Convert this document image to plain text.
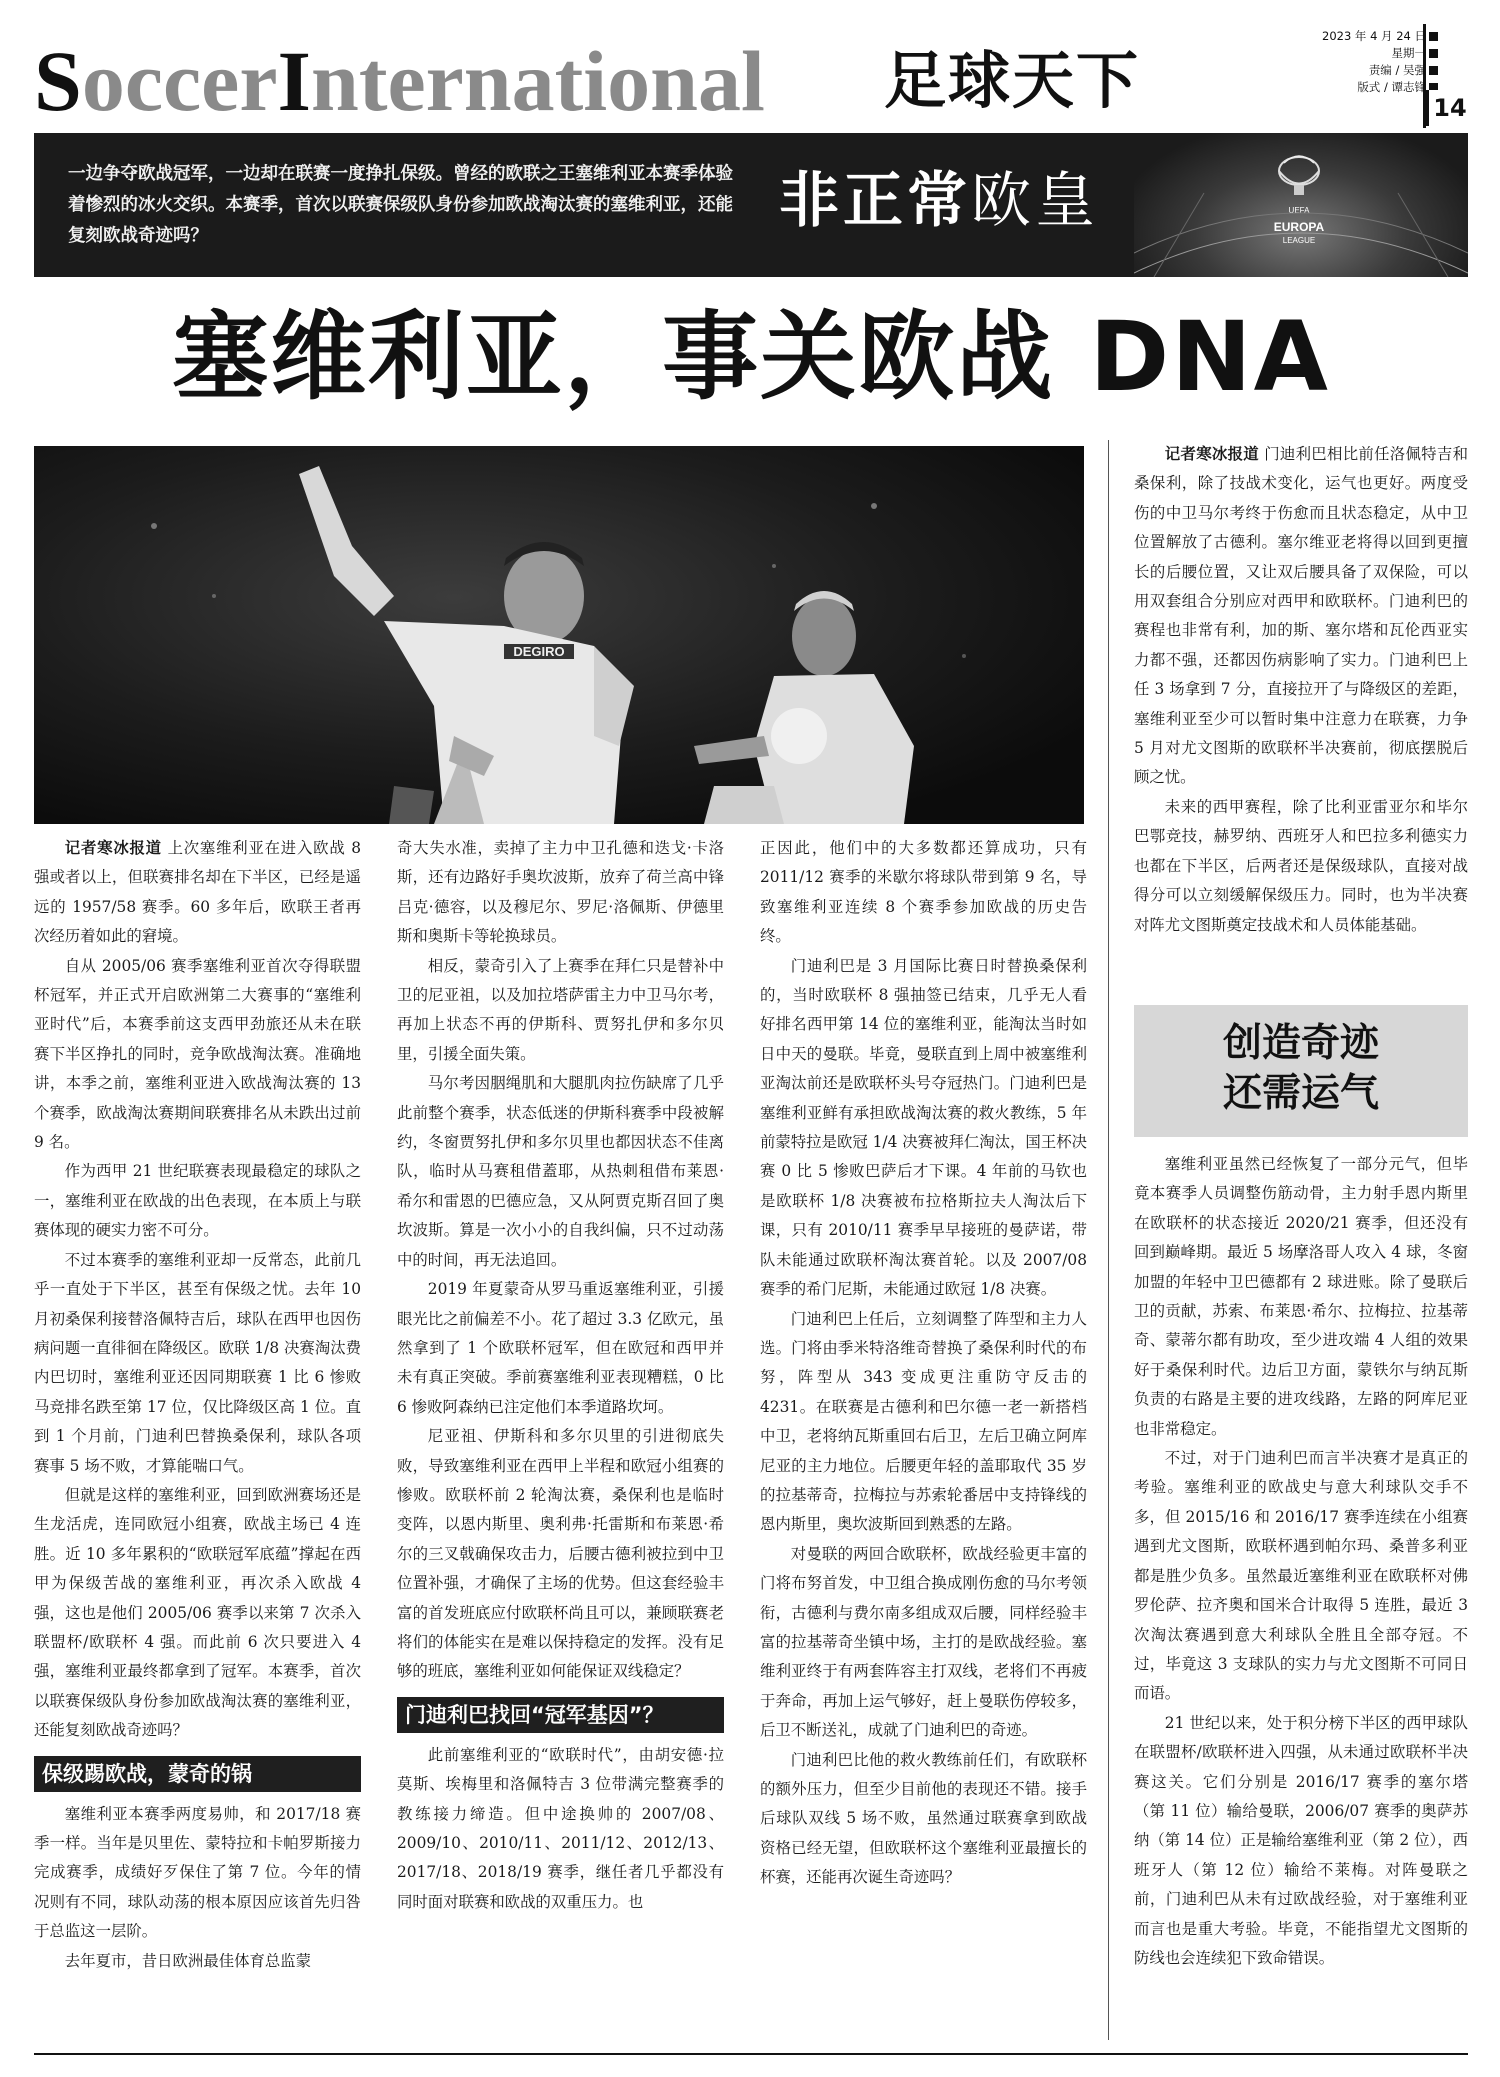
SoccerInternational 足球天下
2023 年 4 月 24 日
星期一
责编 / 吴强
版式 / 谭志锋
14
一边争夺欧战冠军，一边却在联赛一度挣扎保级。曾经的欧联之王塞维利亚本赛季体验着惨烈的冰火交织。本赛季，首次以联赛保级队身份参加欧战淘汰赛的塞维利亚，还能复刻欧战奇迹吗？	非正常欧皇	UEFA
EUROPA
LEAGUE
塞维利亚，事关欧战 DNA
DEGIRO

记者寒冰报道 上次塞维利亚在进入欧战 8 强或者以上，但联赛排名却在下半区，已经是遥远的 1957/58 赛季。60 多年后，欧联王者再次经历着如此的窘境。

自从 2005/06 赛季塞维利亚首次夺得联盟杯冠军，并正式开启欧洲第二大赛事的“塞维利亚时代”后，本赛季前这支西甲劲旅还从未在联赛下半区挣扎的同时，竞争欧战淘汰赛。准确地讲，本季之前，塞维利亚进入欧战淘汰赛的 13 个赛季，欧战淘汰赛期间联赛排名从未跌出过前 9 名。

作为西甲 21 世纪联赛表现最稳定的球队之一，塞维利亚在欧战的出色表现，在本质上与联赛体现的硬实力密不可分。

不过本赛季的塞维利亚却一反常态，此前几乎一直处于下半区，甚至有保级之忧。去年 10 月初桑保利接替洛佩特吉后，球队在西甲也因伤病问题一直徘徊在降级区。欧联 1/8 决赛淘汰费内巴切时，塞维利亚还因同期联赛 1 比 6 惨败马竞排名跌至第 17 位，仅比降级区高 1 位。直到 1 个月前，门迪利巴替换桑保利，球队各项赛事 5 场不败，才算能喘口气。

但就是这样的塞维利亚，回到欧洲赛场还是生龙活虎，连同欧冠小组赛，欧战主场已 4 连胜。近 10 多年累积的“欧联冠军底蕴”撑起在西甲为保级苦战的塞维利亚，再次杀入欧战 4 强，这也是他们 2005/06 赛季以来第 7 次杀入联盟杯/欧联杯 4 强。而此前 6 次只要进入 4 强，塞维利亚最终都拿到了冠军。本赛季，首次以联赛保级队身份参加欧战淘汰赛的塞维利亚，还能复刻欧战奇迹吗？

保级踢欧战，蒙奇的锅

塞维利亚本赛季两度易帅，和 2017/18 赛季一样。当年是贝里佐、蒙特拉和卡帕罗斯接力完成赛季，成绩好歹保住了第 7 位。今年的情况则有不同，球队动荡的根本原因应该首先归咎于总监这一层阶。

去年夏市，昔日欧洲最佳体育总监蒙

奇大失水准，卖掉了主力中卫孔德和迭戈·卡洛斯，还有边路好手奥坎波斯，放弃了荷兰高中锋吕克·德容，以及穆尼尔、罗尼·洛佩斯、伊德里斯和奥斯卡等轮换球员。

相反，蒙奇引入了上赛季在拜仁只是替补中卫的尼亚祖，以及加拉塔萨雷主力中卫马尔考，再加上状态不再的伊斯科、贾努扎伊和多尔贝里，引援全面失策。

马尔考因胭绳肌和大腿肌肉拉伤缺席了几乎此前整个赛季，状态低迷的伊斯科赛季中段被解约，冬窗贾努扎伊和多尔贝里也都因状态不佳离队，临时从马赛租借蓋耶，从热刺租借布莱恩·希尔和雷恩的巴德应急，又从阿贾克斯召回了奥坎波斯。算是一次小小的自我纠偏，只不过动荡中的时间，再无法追回。

2019 年夏蒙奇从罗马重返塞维利亚，引援眼光比之前偏差不小。花了超过 3.3 亿欧元，虽然拿到了 1 个欧联杯冠军，但在欧冠和西甲并未有真正突破。季前赛塞维利亚表现糟糕，0 比 6 惨败阿森纳已注定他们本季道路坎坷。

尼亚祖、伊斯科和多尔贝里的引进彻底失败，导致塞维利亚在西甲上半程和欧冠小组赛的惨败。欧联杯前 2 轮淘汰赛，桑保利也是临时变阵，以恩内斯里、奥利弗·托雷斯和布莱恩·希尔的三叉戟确保攻击力，后腰古德利被拉到中卫位置补强，才确保了主场的优势。但这套经验丰富的首发班底应付欧联杯尚且可以，兼顾联赛老将们的体能实在是难以保持稳定的发挥。没有足够的班底，塞维利亚如何能保证双线稳定？

门迪利巴找回“冠军基因”？

此前塞维利亚的“欧联时代”，由胡安德·拉莫斯、埃梅里和洛佩特吉 3 位带满完整赛季的教练接力缔造。但中途换帅的 2007/08、2009/10、2010/11、2011/12、2012/13、2017/18、2018/19 赛季，继任者几乎都没有同时面对联赛和欧战的双重压力。也

正因此，他们中的大多数都还算成功，只有 2011/12 赛季的米歇尔将球队带到第 9 名，导致塞维利亚连续 8 个赛季参加欧战的历史告终。

门迪利巴是 3 月国际比赛日时替换桑保利的，当时欧联杯 8 强抽签已结束，几乎无人看好排名西甲第 14 位的塞维利亚，能淘汰当时如日中天的曼联。毕竟，曼联直到上周中被塞维利亚淘汰前还是欧联杯头号夺冠热门。门迪利巴是塞维利亚鲜有承担欧战淘汰赛的救火教练，5 年前蒙特拉是欧冠 1/4 决赛被拜仁淘汰，国王杯决赛 0 比 5 惨败巴萨后才下课。4 年前的马钦也是欧联杯 1/8 决赛被布拉格斯拉夫人淘汰后下课，只有 2010/11 赛季早早接班的曼萨诺，带队未能通过欧联杯淘汰赛首轮。以及 2007/08 赛季的希门尼斯，未能通过欧冠 1/8 决赛。

门迪利巴上任后，立刻调整了阵型和主力人选。门将由季米特洛维奇替换了桑保利时代的布努，阵型从 343 变成更注重防守反击的 4231。在联赛是古德利和巴尔德一老一新搭档中卫，老将纳瓦斯重回右后卫，左后卫确立阿库尼亚的主力地位。后腰更年轻的盖耶取代 35 岁的拉基蒂奇，拉梅拉与苏索轮番居中支持锋线的恩内斯里，奥坎波斯回到熟悉的左路。

对曼联的两回合欧联杯，欧战经验更丰富的门将布努首发，中卫组合换成刚伤愈的马尔考领衔，古德利与费尔南多组成双后腰，同样经验丰富的拉基蒂奇坐镇中场，主打的是欧战经验。塞维利亚终于有两套阵容主打双线，老将们不再疲于奔命，再加上运气够好，赶上曼联伤停较多，后卫不断送礼，成就了门迪利巴的奇迹。

门迪利巴比他的救火教练前任们，有欧联杯的额外压力，但至少目前他的表现还不错。接手后球队双线 5 场不败，虽然通过联赛拿到欧战资格已经无望，但欧联杯这个塞维利亚最擅长的杯赛，还能再次诞生奇迹吗？

记者寒冰报道 门迪利巴相比前任洛佩特吉和桑保利，除了技战术变化，运气也更好。两度受伤的中卫马尔考终于伤愈而且状态稳定，从中卫位置解放了古德利。塞尔维亚老将得以回到更擅长的后腰位置，又让双后腰具备了双保险，可以用双套组合分别应对西甲和欧联杯。门迪利巴的赛程也非常有利，加的斯、塞尔塔和瓦伦西亚实力都不强，还都因伤病影响了实力。门迪利巴上任 3 场拿到 7 分，直接拉开了与降级区的差距，塞维利亚至少可以暂时集中注意力在联赛，力争 5 月对尤文图斯的欧联杯半决赛前，彻底摆脱后顾之忧。

未来的西甲赛程，除了比利亚雷亚尔和毕尔巴鄂竞技，赫罗纳、西班牙人和巴拉多利德实力也都在下半区，后两者还是保级球队，直接对战得分可以立刻缓解保级压力。同时，也为半决赛对阵尤文图斯奠定技战术和人员体能基础。

创造奇迹
还需运气

塞维利亚虽然已经恢复了一部分元气，但毕竟本赛季人员调整伤筋动骨，主力射手恩内斯里在欧联杯的状态接近 2020/21 赛季，但还没有回到巅峰期。最近 5 场摩洛哥人攻入 4 球，冬窗加盟的年轻中卫巴德都有 2 球进账。除了曼联后卫的贡献，苏索、布莱恩·希尔、拉梅拉、拉基蒂奇、蒙蒂尔都有助攻，至少进攻端 4 人组的效果好于桑保利时代。边后卫方面，蒙铁尔与纳瓦斯负责的右路是主要的进攻线路，左路的阿库尼亚也非常稳定。

不过，对于门迪利巴而言半决赛才是真正的考验。塞维利亚的欧战史与意大利球队交手不多，但 2015/16 和 2016/17 赛季连续在小组赛遇到尤文图斯，欧联杯遇到帕尔玛、桑普多利亚都是胜少负多。虽然最近塞维利亚在欧联杯对佛罗伦萨、拉齐奥和国米合计取得 5 连胜，最近 3 次淘汰赛遇到意大利球队全胜且全部夺冠。不过，毕竟这 3 支球队的实力与尤文图斯不可同日而语。

21 世纪以来，处于积分榜下半区的西甲球队在联盟杯/欧联杯进入四强，从未通过欧联杯半决赛这关。它们分别是 2016/17 赛季的塞尔塔（第 11 位）输给曼联，2006/07 赛季的奥萨苏纳（第 14 位）正是输给塞维利亚（第 2 位），西班牙人（第 12 位）输给不莱梅。对阵曼联之前，门迪利巴从未有过欧战经验，对于塞维利亚而言也是重大考验。毕竟，不能指望尤文图斯的防线也会连续犯下致命错误。
